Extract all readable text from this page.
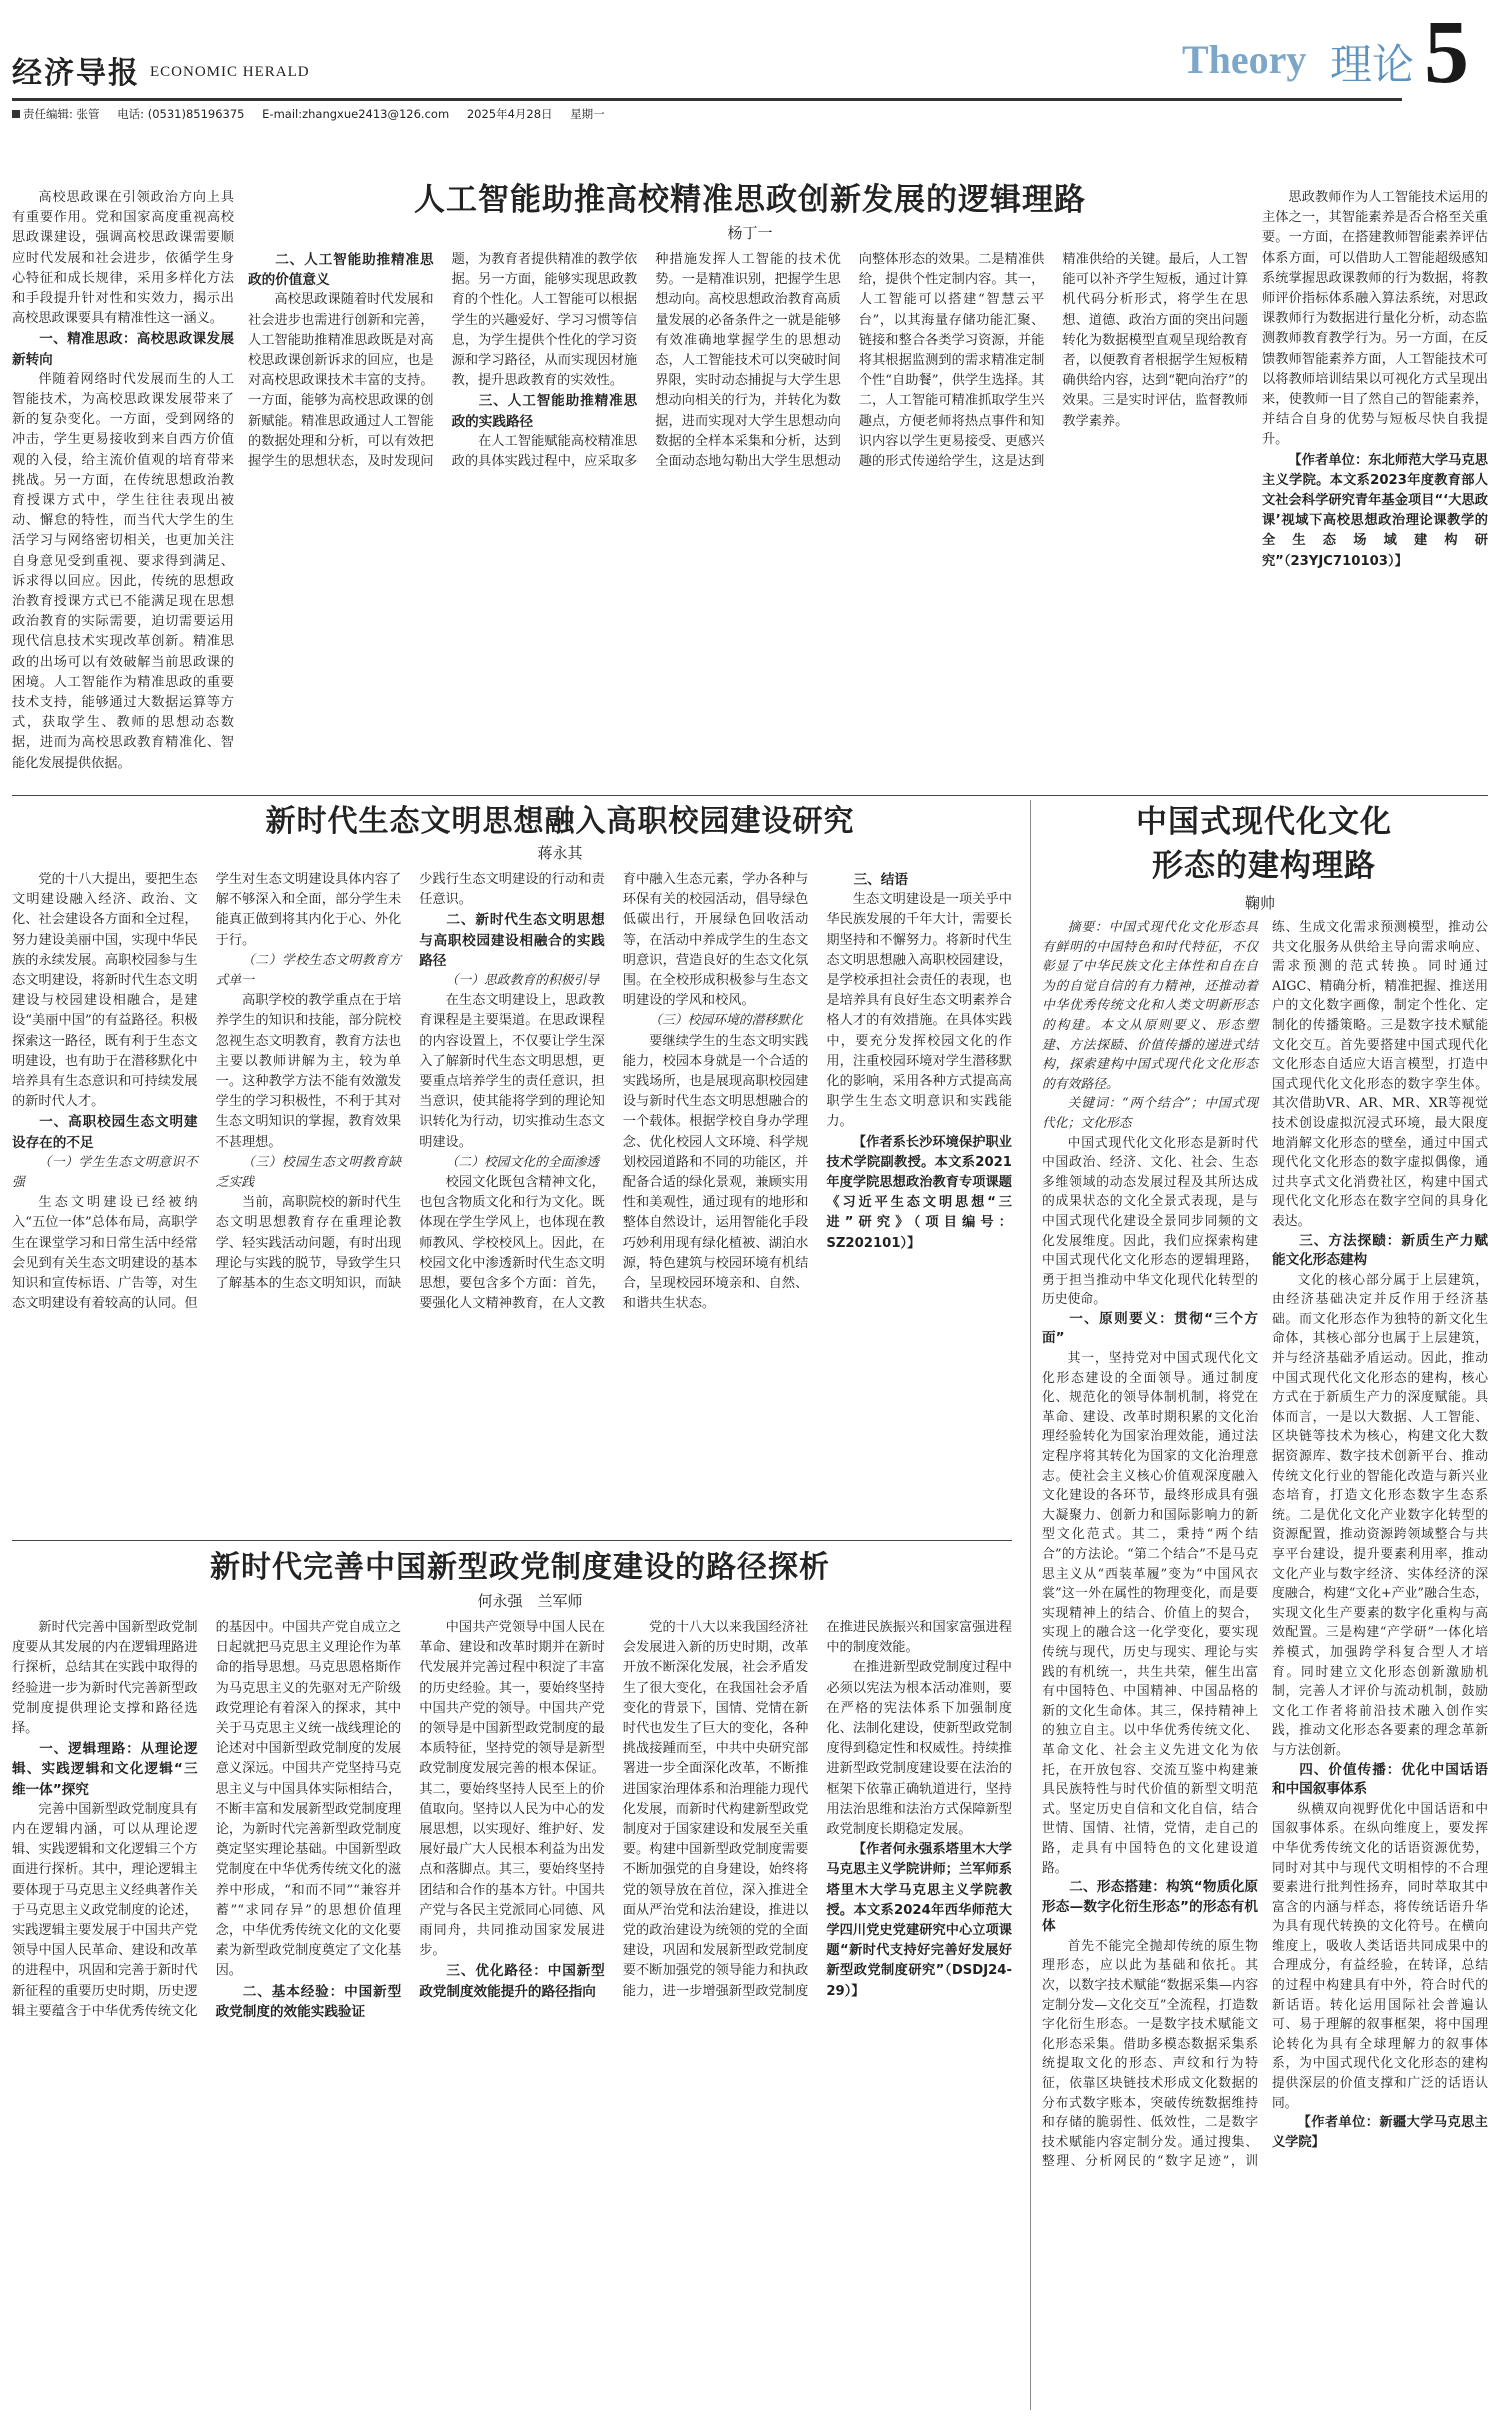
经济导报 ECONOMIC HERALD	Theory 理论 5
责任编辑: 张管 电话: (0531)85196375 E-mail:zhangxue2413@126.com 2025年4月28日 星期一
人工智能助推高校精准思政创新发展的逻辑理路
杨丁一

高校思政课在引领政治方向上具有重要作用。党和国家高度重视高校思政课建设，强调高校思政课需要顺应时代发展和社会进步，依循学生身心特征和成长规律，采用多样化方法和手段提升针对性和实效力，揭示出高校思政课要具有精准性这一涵义。

一、精准思政：高校思政课发展新转向

伴随着网络时代发展而生的人工智能技术，为高校思政课发展带来了新的复杂变化。一方面，受到网络的冲击，学生更易接收到来自西方价值观的入侵，给主流价值观的培育带来挑战。另一方面，在传统思想政治教育授课方式中，学生往往表现出被动、懈怠的特性，而当代大学生的生活学习与网络密切相关，也更加关注自身意见受到重视、要求得到满足、诉求得以回应。因此，传统的思想政治教育授课方式已不能满足现在思想政治教育的实际需要，迫切需要运用现代信息技术实现改革创新。精准思政的出场可以有效破解当前思政课的困境。人工智能作为精准思政的重要技术支持，能够通过大数据运算等方式，获取学生、教师的思想动态数据，进而为高校思政教育精准化、智能化发展提供依据。

二、人工智能助推精准思政的价值意义

高校思政课随着时代发展和社会进步也需进行创新和完善，人工智能助推精准思政既是对高校思政课创新诉求的回应，也是对高校思政课技术丰富的支持。一方面，能够为高校思政课的创新赋能。精准思政通过人工智能的数据处理和分析，可以有效把握学生的思想状态，及时发现问题，为教育者提供精准的教学依据。另一方面，能够实现思政教育的个性化。人工智能可以根据学生的兴趣爱好、学习习惯等信息，为学生提供个性化的学习资源和学习路径，从而实现因材施教，提升思政教育的实效性。

三、人工智能助推精准思政的实践路径

在人工智能赋能高校精准思政的具体实践过程中，应采取多种措施发挥人工智能的技术优势。一是精准识别，把握学生思想动向。高校思想政治教育高质量发展的必备条件之一就是能够有效准确地掌握学生的思想动态，人工智能技术可以突破时间界限，实时动态捕捉与大学生思想动向相关的行为，并转化为数据，进而实现对大学生思想动向数据的全样本采集和分析，达到全面动态地勾勒出大学生思想动向整体形态的效果。二是精准供给，提供个性定制内容。其一，人工智能可以搭建“智慧云平台”，以其海量存储功能汇聚、链接和整合各类学习资源，并能将其根据监测到的需求精准定制个性“自助餐”，供学生选择。其二，人工智能可精准抓取学生兴趣点，方便老师将热点事件和知识内容以学生更易接受、更感兴趣的形式传递给学生，这是达到精准供给的关键。最后，人工智能可以补齐学生短板，通过计算机代码分析形式，将学生在思想、道德、政治方面的突出问题转化为数据模型直观呈现给教育者，以便教育者根据学生短板精确供给内容，达到“靶向治疗”的效果。三是实时评估，监督教师教学素养。

思政教师作为人工智能技术运用的主体之一，其智能素养是否合格至关重要。一方面，在搭建教师智能素养评估体系方面，可以借助人工智能超级感知系统掌握思政课教师的行为数据，将教师评价指标体系融入算法系统，对思政课教师行为数据进行量化分析，动态监测教师教育教学行为。另一方面，在反馈教师智能素养方面，人工智能技术可以将教师培训结果以可视化方式呈现出来，使教师一目了然自己的智能素养，并结合自身的优势与短板尽快自我提升。

【作者单位：东北师范大学马克思主义学院。本文系2023年度教育部人文社会科学研究青年基金项目“‘大思政课’视域下高校思想政治理论课教学的全生态场域建构研究”（23YJC710103）】

新时代生态文明思想融入高职校园建设研究
蒋永其

党的十八大提出，要把生态文明建设融入经济、政治、文化、社会建设各方面和全过程，努力建设美丽中国，实现中华民族的永续发展。高职校园参与生态文明建设，将新时代生态文明建设与校园建设相融合，是建设“美丽中国”的有益路径。积极探索这一路径，既有利于生态文明建设，也有助于在潜移默化中培养具有生态意识和可持续发展的新时代人才。

一、高职校园生态文明建设存在的不足

（一）学生生态文明意识不强

生态文明建设已经被纳入“五位一体”总体布局，高职学生在课堂学习和日常生活中经常会见到有关生态文明建设的基本知识和宣传标语、广告等，对生态文明建设有着较高的认同。但学生对生态文明建设具体内容了解不够深入和全面，部分学生未能真正做到将其内化于心、外化于行。

（二）学校生态文明教育方式单一

高职学校的教学重点在于培养学生的知识和技能，部分院校忽视生态文明教育，教育方法也主要以教师讲解为主，较为单一。这种教学方法不能有效激发学生的学习积极性，不利于其对生态文明知识的掌握，教育效果不甚理想。

（三）校园生态文明教育缺乏实践

当前，高职院校的新时代生态文明思想教育存在重理论教学、轻实践活动问题，有时出现理论与实践的脱节，导致学生只了解基本的生态文明知识，而缺少践行生态文明建设的行动和责任意识。

二、新时代生态文明思想与高职校园建设相融合的实践路径

（一）思政教育的积极引导

在生态文明建设上，思政教育课程是主要渠道。在思政课程的内容设置上，不仅要让学生深入了解新时代生态文明思想，更要重点培养学生的责任意识，担当意识，使其能将学到的理论知识转化为行动，切实推动生态文明建设。

（二）校园文化的全面渗透

校园文化既包含精神文化，也包含物质文化和行为文化。既体现在学生学风上，也体现在教师教风、学校校风上。因此，在校园文化中渗透新时代生态文明思想，要包含多个方面：首先，要强化人文精神教育，在人文教育中融入生态元素，学办各种与环保有关的校园活动，倡导绿色低碳出行，开展绿色回收活动等，在活动中养成学生的生态文明意识，营造良好的生态文化氛围。在全校形成积极参与生态文明建设的学风和校风。

（三）校园环境的潜移默化

要继续学生的生态文明实践能力，校园本身就是一个合适的实践场所，也是展现高职校园建设与新时代生态文明思想融合的一个载体。根据学校自身办学理念、优化校园人文环境、科学规划校园道路和不同的功能区，并配备合适的绿化景观，兼顾实用性和美观性，通过现有的地形和整体自然设计，运用智能化手段巧妙利用现有绿化植被、湖泊水源，特色建筑与校园环境有机结合，呈现校园环境亲和、自然、和谐共生状态。

三、结语

生态文明建设是一项关乎中华民族发展的千年大计，需要长期坚持和不懈努力。将新时代生态文明思想融入高职校园建设，是学校承担社会责任的表现，也是培养具有良好生态文明素养合格人才的有效措施。在具体实践中，要充分发挥校园文化的作用，注重校园环境对学生潜移默化的影响，采用各种方式提高高职学生生态文明意识和实践能力。

【作者系长沙环境保护职业技术学院副教授。本文系2021年度学院思想政治教育专项课题《习近平生态文明思想“三进”研究》（项目编号：SZ202101）】

中国式现代化文化
形态的建构理路
鞠帅

摘要：中国式现代化文化形态具有鲜明的中国特色和时代特征，不仅彰显了中华民族文化主体性和自在自为的自觉自信的有力精神，还推动着中华优秀传统文化和人类文明新形态的构建。本文从原则要义、形态塑建、方法探赜、价值传播的递进式结构，探索建构中国式现代化文化形态的有效路径。

关键词：“两个结合”；中国式现代化；文化形态

中国式现代化文化形态是新时代中国政治、经济、文化、社会、生态多维领域的动态发展过程及其所达成的成果状态的文化全景式表现，是与中国式现代化建设全景同步同频的文化发展维度。因此，我们应探索构建中国式现代化文化形态的逻辑理路，勇于担当推动中华文化现代化转型的历史使命。

一、原则要义：贯彻“三个方面”

其一，坚持党对中国式现代化文化形态建设的全面领导。通过制度化、规范化的领导体制机制，将党在革命、建设、改革时期积累的文化治理经验转化为国家治理效能，通过法定程序将其转化为国家的文化治理意志。使社会主义核心价值观深度融入文化建设的各环节，最终形成具有强大凝聚力、创新力和国际影响力的新型文化范式。其二，秉持“两个结合”的方法论。“第二个结合”不是马克思主义从“西装革履”变为“中国风衣裳”这一外在属性的物理变化，而是要实现精神上的结合、价值上的契合，实现上的融合这一化学变化，要实现传统与现代，历史与现实、理论与实践的有机统一，共生共荣，催生出富有中国特色、中国精神、中国品格的新的文化生命体。其三，保持精神上的独立自主。以中华优秀传统文化、革命文化、社会主义先进文化为依托，在开放包容、交流互鉴中构建兼具民族特性与时代价值的新型文明范式。坚定历史自信和文化自信，结合世情、国情、社情，党情，走自己的路，走具有中国特色的文化建设道路。

二、形态搭建：构筑“物质化原形态—数字化衍生形态”的形态有机体

首先不能完全抛却传统的原生物理形态，应以此为基础和依托。其次，以数字技术赋能“数据采集—内容定制分发—文化交互”全流程，打造数字化衍生形态。一是数字技术赋能文化形态采集。借助多模态数据采集系统提取文化的形态、声纹和行为特征，依靠区块链技术形成文化数据的分布式数字账本，突破传统数据维持和存储的脆弱性、低效性，二是数字技术赋能内容定制分发。通过搜集、整理、分析网民的“数字足迹”，训练、生成文化需求预测模型，推动公共文化服务从供给主导向需求响应、需求预测的范式转换。同时通过AIGC、精确分析，精准把握、推送用户的文化数字画像，制定个性化、定制化的传播策略。三是数字技术赋能文化交互。首先要搭建中国式现代化文化形态自适应大语言模型，打造中国式现代化文化形态的数字孪生体。其次借助VR、AR、MR、XR等视觉技术创设虚拟沉浸式环境，最大限度地消解文化形态的壁垒，通过中国式现代化文化形态的数字虚拟偶像，通过共享式文化消费社区，构建中国式现代化文化形态在数字空间的具身化表达。

三、方法探赜：新质生产力赋能文化形态建构

文化的核心部分属于上层建筑，由经济基础决定并反作用于经济基础。而文化形态作为独特的新文化生命体，其核心部分也属于上层建筑，并与经济基础矛盾运动。因此，推动中国式现代化文化形态的建构，核心方式在于新质生产力的深度赋能。具体而言，一是以大数据、人工智能、区块链等技术为核心，构建文化大数据资源库、数字技术创新平台、推动传统文化行业的智能化改造与新兴业态培育，打造文化形态数字生态系统。二是优化文化产业数字化转型的资源配置，推动资源跨领域整合与共享平台建设，提升要素利用率，推动文化产业与数字经济、实体经济的深度融合，构建“文化+产业”融合生态，实现文化生产要素的数字化重构与高效配置。三是构建“产学研”一体化培养模式，加强跨学科复合型人才培育。同时建立文化形态创新激励机制，完善人才评价与流动机制，鼓励文化工作者将前沿技术融入创作实践，推动文化形态各要素的理念革新与方法创新。

四、价值传播：优化中国话语和中国叙事体系

纵横双向视野优化中国话语和中国叙事体系。在纵向维度上，要发挥中华优秀传统文化的话语资源优势，同时对其中与现代文明相悖的不合理要素进行批判性扬弃，同时萃取其中富含的内涵与样态，将传统话语升华为具有现代转换的文化符号。在横向维度上，吸收人类话语共同成果中的合理成分，有益经验，在转译，总结的过程中构建具有中外，符合时代的新话语。转化运用国际社会普遍认可、易于理解的叙事框架，将中国理论转化为具有全球理解力的叙事体系，为中国式现代化文化形态的建构提供深层的价值支撑和广泛的话语认同。

【作者单位：新疆大学马克思主义学院】

新时代完善中国新型政党制度建设的路径探析
何永强　兰军师

新时代完善中国新型政党制度要从其发展的内在逻辑理路进行探析，总结其在实践中取得的经验进一步为新时代完善新型政党制度提供理论支撑和路径选择。

一、逻辑理路：从理论逻辑、实践逻辑和文化逻辑“三维一体”探究

完善中国新型政党制度具有内在逻辑内涵，可以从理论逻辑、实践逻辑和文化逻辑三个方面进行探析。其中，理论逻辑主要体现于马克思主义经典著作关于马克思主义政党制度的论述，实践逻辑主要发展于中国共产党领导中国人民革命、建设和改革的进程中，巩固和完善于新时代新征程的重要历史时期，历史逻辑主要蕴含于中华优秀传统文化的基因中。中国共产党自成立之日起就把马克思主义理论作为革命的指导思想。马克思恩格斯作为马克思主义的先驱对无产阶级政党理论有着深入的探求，其中关于马克思主义统一战线理论的论述对中国新型政党制度的发展意义深远。中国共产党坚持马克思主义与中国具体实际相结合，不断丰富和发展新型政党制度理论，为新时代完善新型政党制度奠定坚实理论基础。中国新型政党制度在中华优秀传统文化的滋养中形成，“和而不同”“兼容并蓄”“求同存异”的思想价值理念，中华优秀传统文化的文化要素为新型政党制度奠定了文化基因。

二、基本经验：中国新型政党制度的效能实践验证

中国共产党领导中国人民在革命、建设和改革时期并在新时代发展并完善过程中积淀了丰富的历史经验。其一，要始终坚持中国共产党的领导。中国共产党的领导是中国新型政党制度的最本质特征，坚持党的领导是新型政党制度发展完善的根本保证。其二，要始终坚持人民至上的价值取向。坚持以人民为中心的发展思想，以实现好、维护好、发展好最广大人民根本利益为出发点和落脚点。其三，要始终坚持团结和合作的基本方针。中国共产党与各民主党派同心同德、风雨同舟，共同推动国家发展进步。

三、优化路径：中国新型政党制度效能提升的路径指向

党的十八大以来我国经济社会发展进入新的历史时期，改革开放不断深化发展，社会矛盾发生了很大变化，在我国社会矛盾变化的背景下，国情、党情在新时代也发生了巨大的变化，各种挑战接踵而至，中共中央研究部署进一步全面深化改革，不断推进国家治理体系和治理能力现代化发展，而新时代构建新型政党制度对于国家建设和发展至关重要。构建中国新型政党制度需要不断加强党的自身建设，始终将党的领导放在首位，深入推进全面从严治党和法治建设，推进以党的政治建设为统领的党的全面建设，巩固和发展新型政党制度要不断加强党的领导能力和执政能力，进一步增强新型政党制度在推进民族振兴和国家富强进程中的制度效能。

在推进新型政党制度过程中必须以宪法为根本活动准则，要在严格的宪法体系下加强制度化、法制化建设，使新型政党制度得到稳定性和权威性。持续推进新型政党制度建设要在法治的框架下依靠正确轨道进行，坚持用法治思维和法治方式保障新型政党制度长期稳定发展。

【作者何永强系塔里木大学马克思主义学院讲师；兰军师系塔里木大学马克思主义学院教授。本文系2024年西华师范大学四川党史党建研究中心立项课题“新时代支持好完善好发展好新型政党制度研究”（DSDJ24-29）】
